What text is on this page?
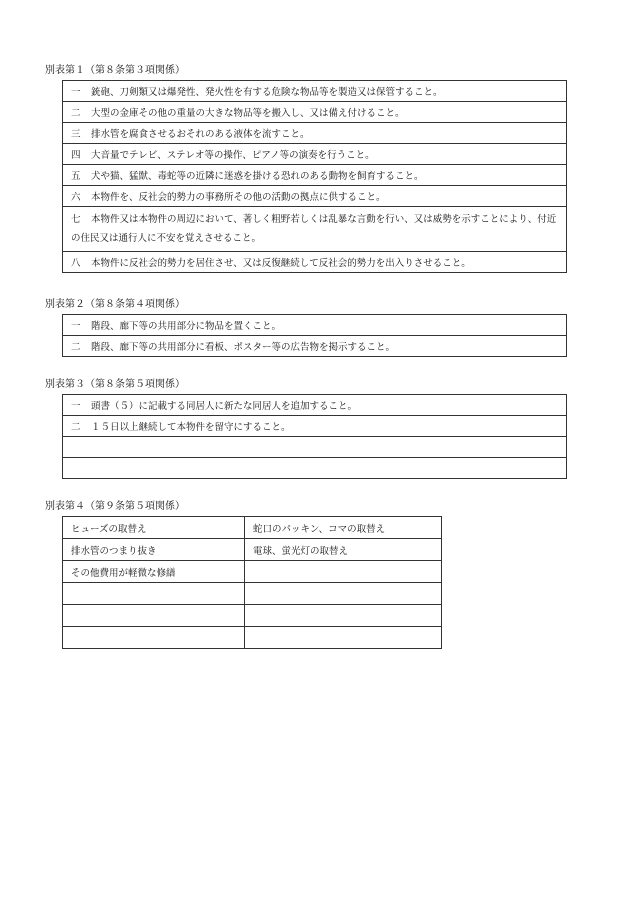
別表第１（第８条第３項関係）
一 銃砲、刀剣類又は爆発性、発火性を有する危険な物品等を製造又は保管すること。
二 大型の金庫その他の重量の大きな物品等を搬入し、又は備え付けること。
三 排水管を腐食させるおそれのある液体を流すこと。
四 大音量でテレビ、ステレオ等の操作、ピアノ等の演奏を行うこと。
五 犬や猫、猛獣、毒蛇等の近隣に迷惑を掛ける恐れのある動物を飼育すること。
六 本物件を、反社会的勢力の事務所その他の活動の拠点に供すること。
七 本物件又は本物件の周辺において、著しく粗野若しくは乱暴な言動を行い、又は威勢を示すことにより、付近の住民又は通行人に不安を覚えさせること。
八 本物件に反社会的勢力を居住させ、又は反復継続して反社会的勢力を出入りさせること。
別表第２（第８条第４項関係）
一 階段、廊下等の共用部分に物品を置くこと。
二 階段、廊下等の共用部分に看板、ポスター等の広告物を掲示すること。
別表第３（第８条第５項関係）
一 頭書（５）に記載する同居人に新たな同居人を追加すること。
二 １５日以上継続して本物件を留守にすること。

別表第４（第９条第５項関係）
ヒューズの取替え	蛇口のパッキン、コマの取替え
排水管のつまり抜き	電球、蛍光灯の取替え
その他費用が軽微な修繕	
